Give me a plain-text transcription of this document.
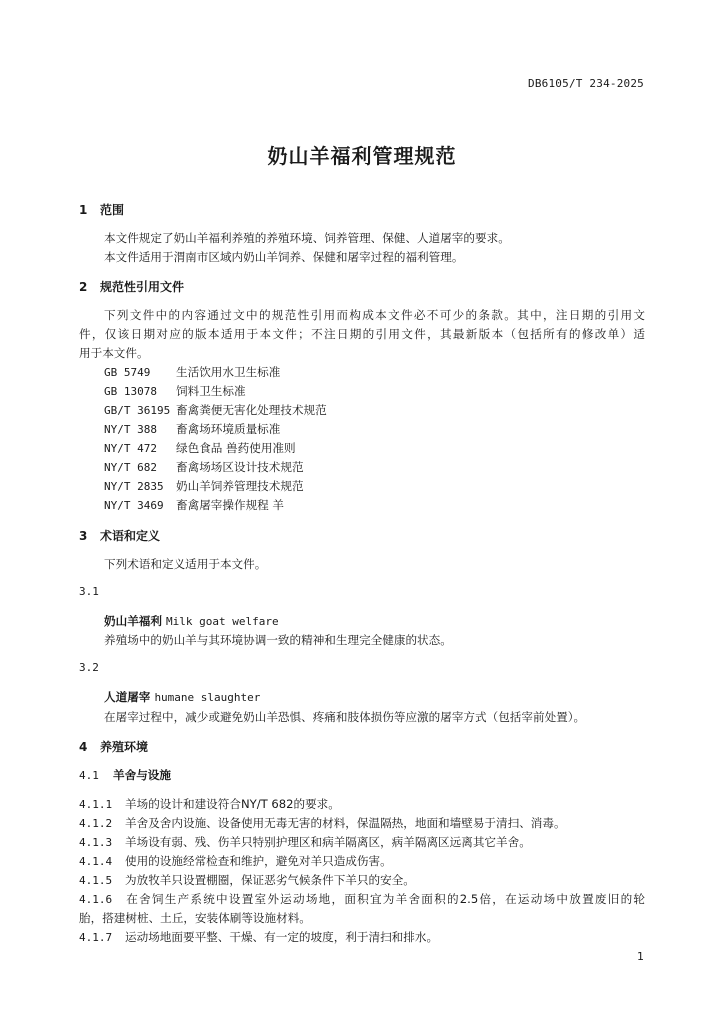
DB6105/T 234-2025
奶山羊福利管理规范
1 范围
本文件规定了奶山羊福利养殖的养殖环境、饲养管理、保健、人道屠宰的要求。
本文件适用于渭南市区域内奶山羊饲养、保健和屠宰过程的福利管理。
2 规范性引用文件
下列文件中的内容通过文中的规范性引用而构成本文件必不可少的条款。其中，注日期的引用文
件，仅该日期对应的版本适用于本文件；不注日期的引用文件，其最新版本（包括所有的修改单）适
用于本文件。
GB 5749 生活饮用水卫生标准
GB 13078 饲料卫生标准
GB/T 36195 畜禽粪便无害化处理技术规范
NY/T 388 畜禽场环境质量标准
NY/T 472 绿色食品 兽药使用准则
NY/T 682 畜禽场场区设计技术规范
NY/T 2835 奶山羊饲养管理技术规范
NY/T 3469 畜禽屠宰操作规程 羊
3 术语和定义
下列术语和定义适用于本文件。
3.1
奶山羊福利 Milk goat welfare
养殖场中的奶山羊与其环境协调一致的精神和生理完全健康的状态。
3.2
人道屠宰 humane slaughter
在屠宰过程中，减少或避免奶山羊恐惧、疼痛和肢体损伤等应激的屠宰方式（包括宰前处置）。
4 养殖环境
4.1 羊舍与设施
4.1.1 羊场的设计和建设符合NY/T 682的要求。
4.1.2 羊舍及舍内设施、设备使用无毒无害的材料，保温隔热，地面和墙壁易于清扫、消毒。
4.1.3 羊场设有弱、残、伤羊只特别护理区和病羊隔离区，病羊隔离区远离其它羊舍。
4.1.4 使用的设施经常检查和维护，避免对羊只造成伤害。
4.1.5 为放牧羊只设置棚圈，保证恶劣气候条件下羊只的安全。
4.1.6 在舍饲生产系统中设置室外运动场地，面积宜为羊舍面积的2.5倍，在运动场中放置废旧的轮
胎，搭建树桩、土丘，安装体刷等设施材料。
4.1.7 运动场地面要平整、干燥、有一定的坡度，利于清扫和排水。
1
